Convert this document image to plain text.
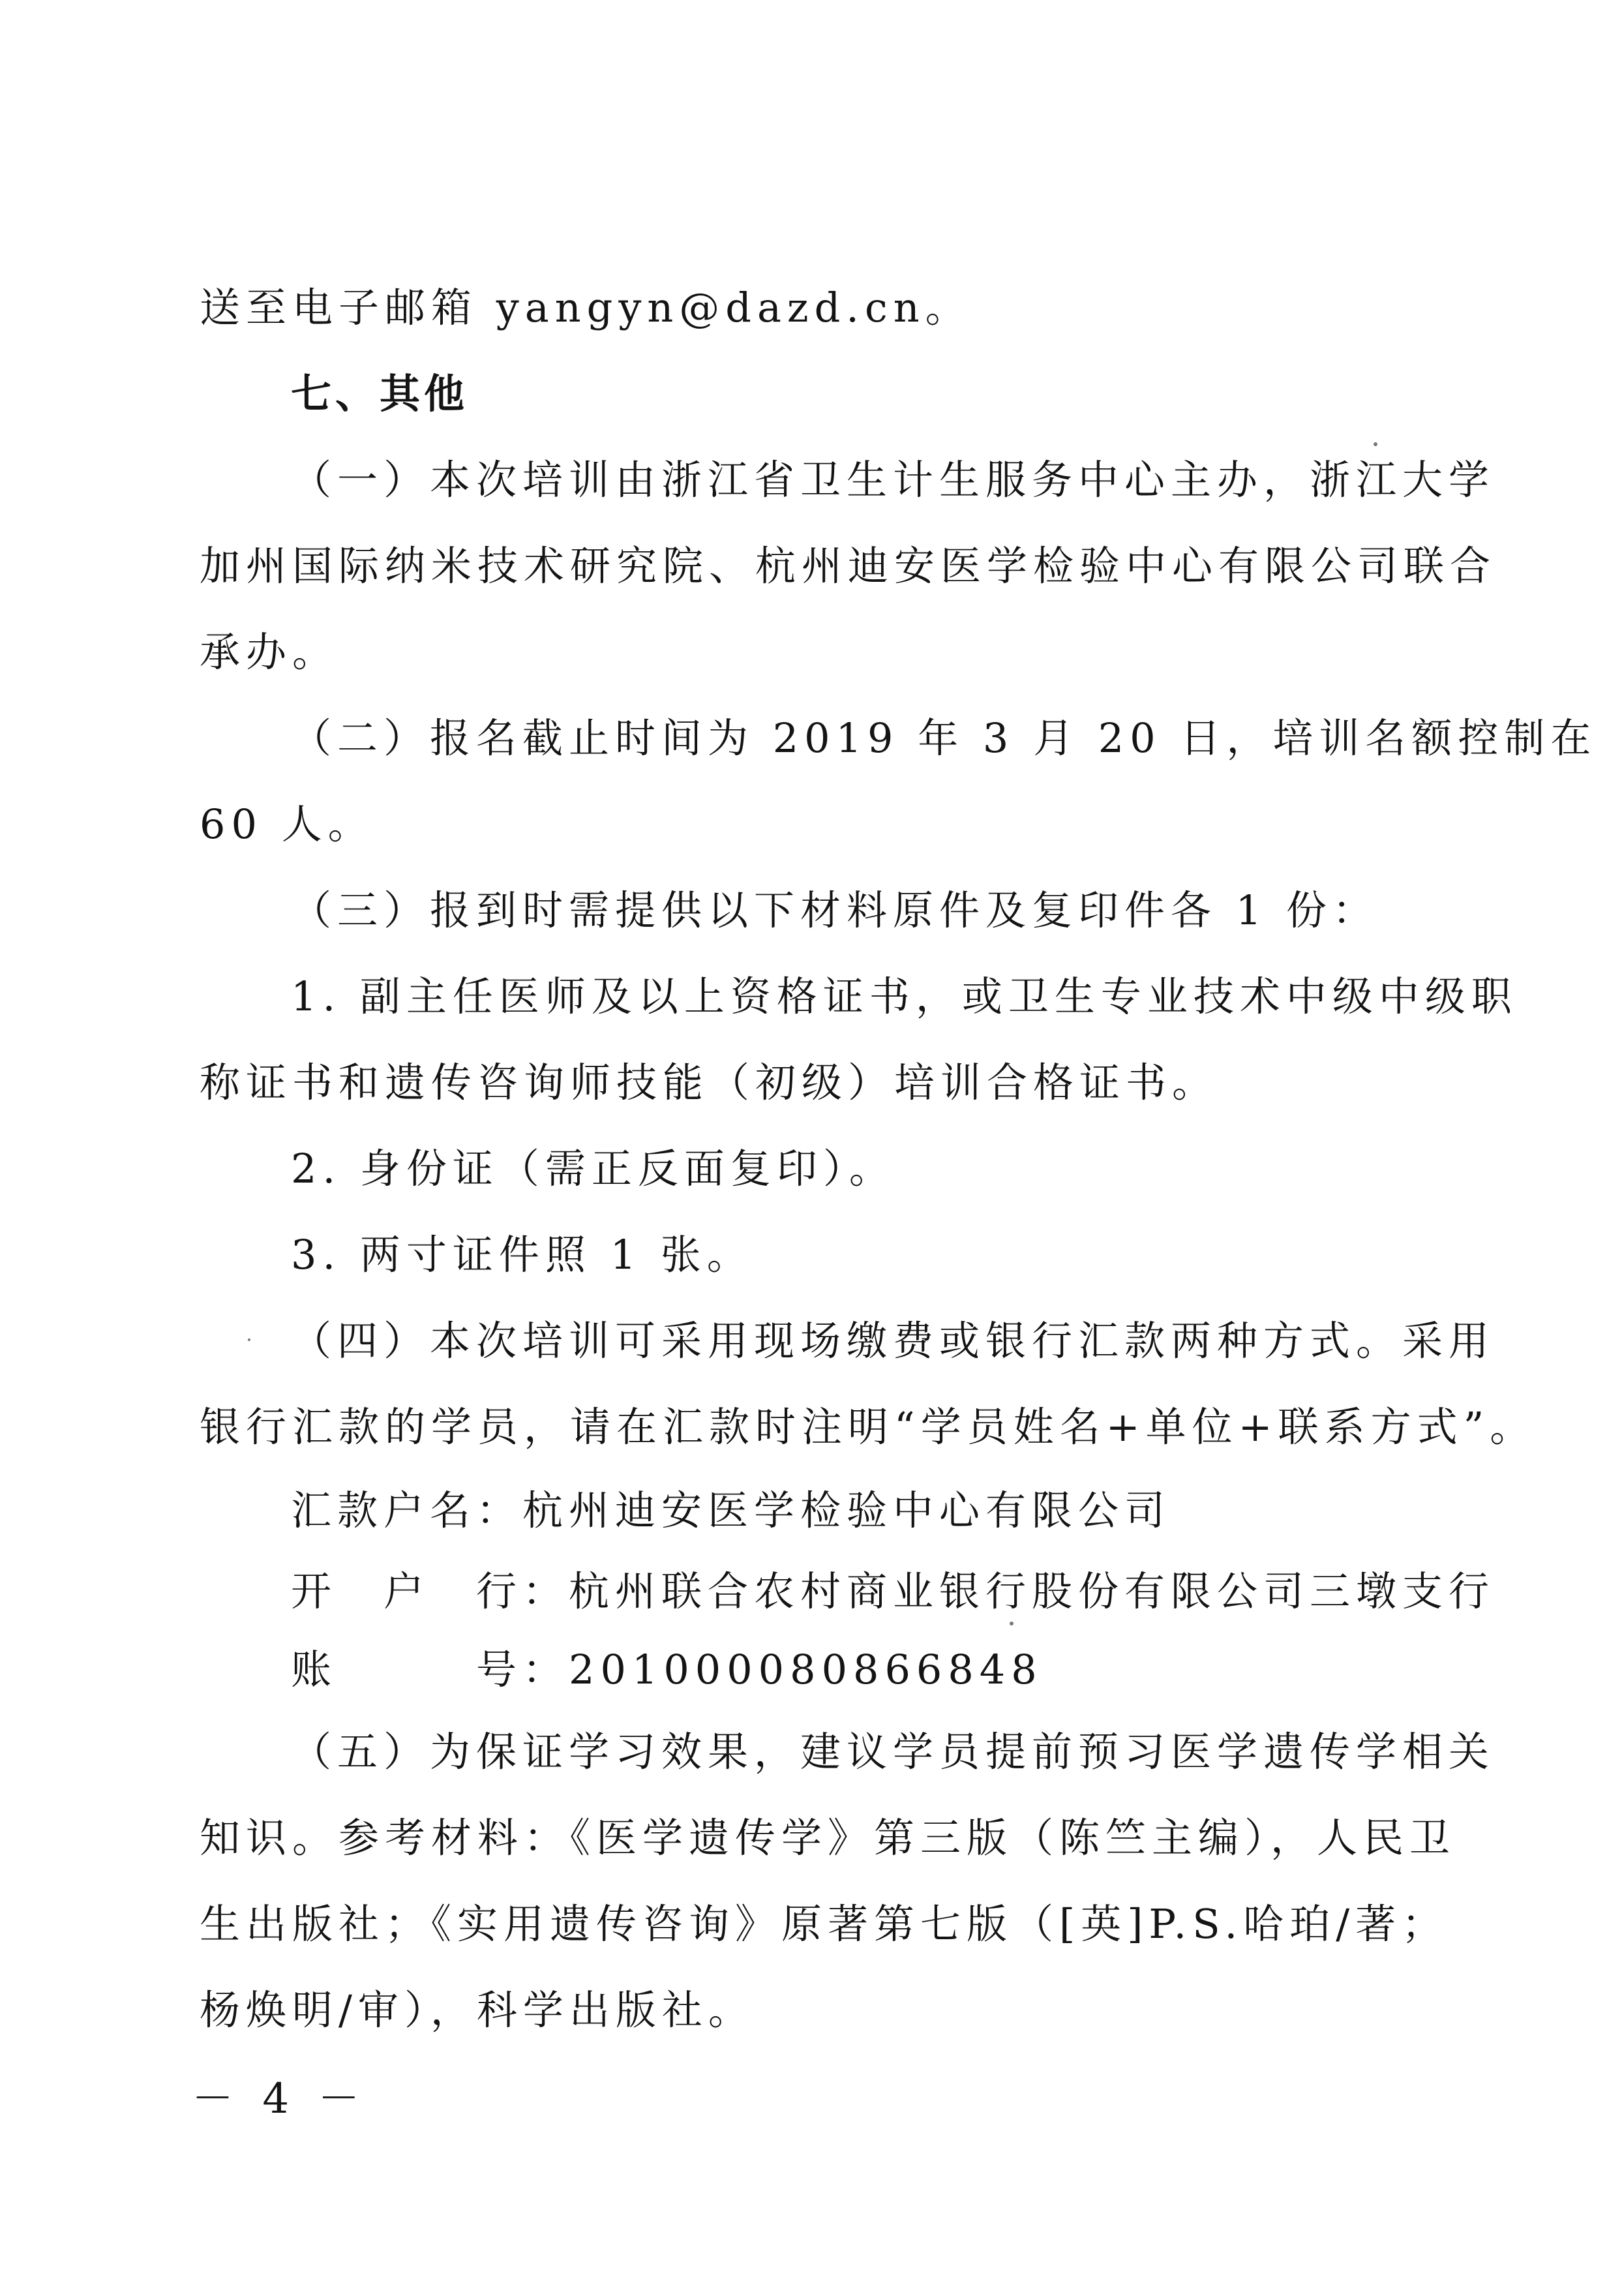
送至电子邮箱 yangyn@dazd.cn。
七、其他
（一）本次培训由浙江省卫生计生服务中心主办，浙江大学
加州国际纳米技术研究院、杭州迪安医学检验中心有限公司联合
承办。
（二）报名截止时间为 2019 年 3 月 20 日，培训名额控制在
60 人。
（三）报到时需提供以下材料原件及复印件各 1 份：
1. 副主任医师及以上资格证书，或卫生专业技术中级中级职
称证书和遗传咨询师技能（初级）培训合格证书。
2. 身份证（需正反面复印）。
3. 两寸证件照 1 张。
（四）本次培训可采用现场缴费或银行汇款两种方式。采用
银行汇款的学员，请在汇款时注明“学员姓名+单位+联系方式”。
汇款户名：杭州迪安医学检验中心有限公司
开　户　行：杭州联合农村商业银行股份有限公司三墩支行
账　　　号：201000080866848
（五）为保证学习效果，建议学员提前预习医学遗传学相关
知识。参考材料：《医学遗传学》第三版（陈竺主编），人民卫
生出版社；《实用遗传咨询》原著第七版（[英]P.S.哈珀/著；
杨焕明/审），科学出版社。
－ 4 －
